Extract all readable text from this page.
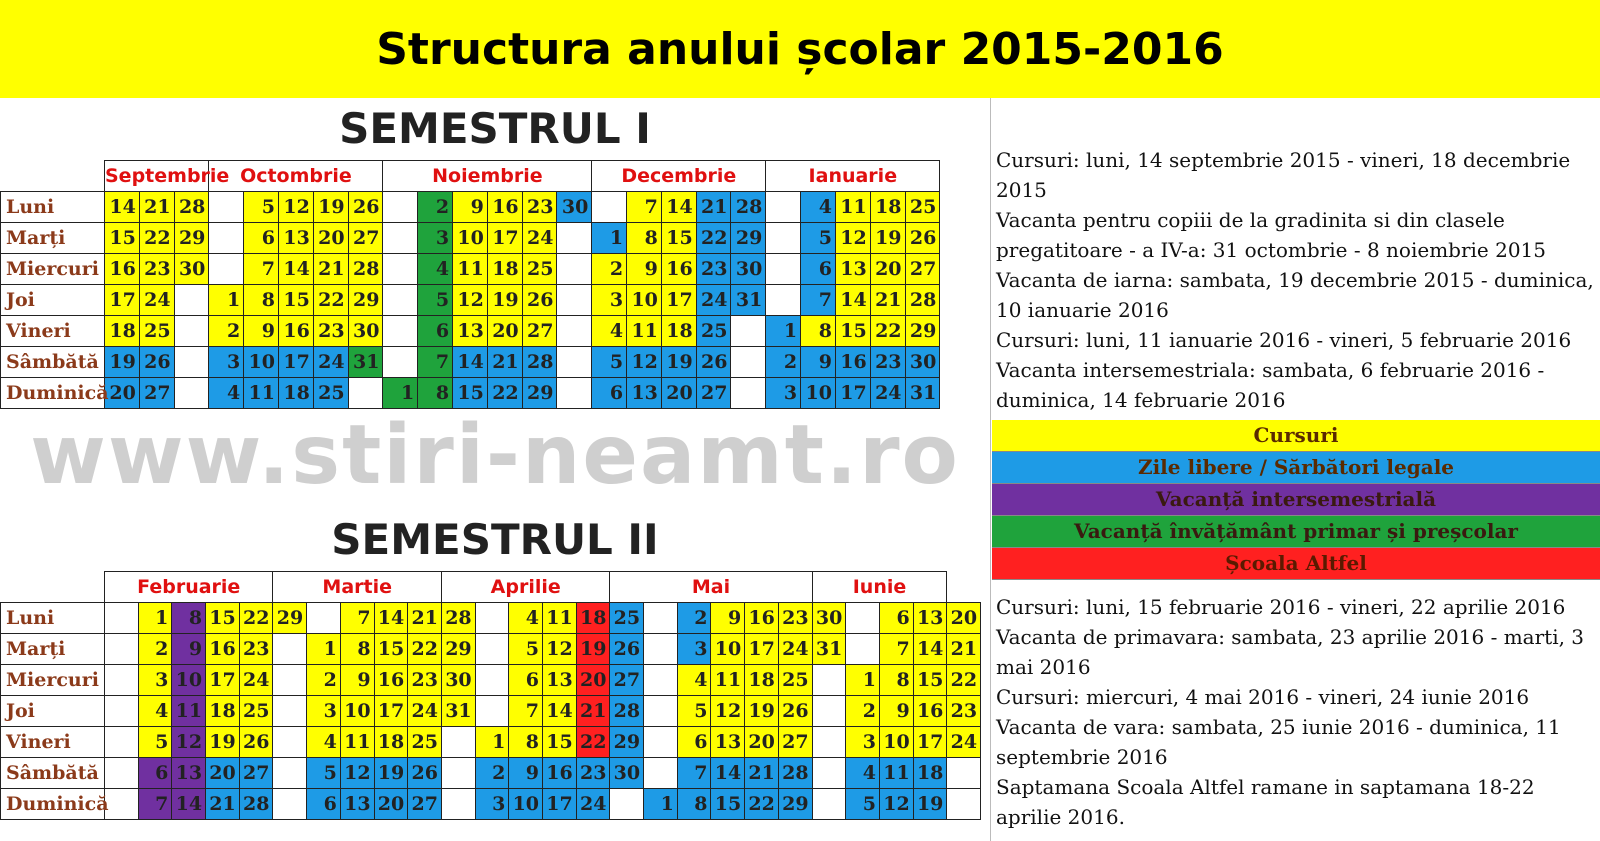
Structura anului școlar 2015-2016
SEMESTRUL I
	Septembrie			Octombrie					Noiembrie						Decembrie					Ianuarie				
Luni	14	21	28		5	12	19	26		2	9	16	23	30		7	14	21	28		4	11	18	25
Marți	15	22	29		6	13	20	27		3	10	17	24		1	8	15	22	29		5	12	19	26
Miercuri	16	23	30		7	14	21	28		4	11	18	25		2	9	16	23	30		6	13	20	27
Joi	17	24		1	8	15	22	29		5	12	19	26		3	10	17	24	31		7	14	21	28
Vineri	18	25		2	9	16	23	30		6	13	20	27		4	11	18	25		1	8	15	22	29
Sâmbătă	19	26		3	10	17	24	31		7	14	21	28		5	12	19	26		2	9	16	23	30
Duminică	20	27		4	11	18	25		1	8	15	22	29		6	13	20	27		3	10	17	24	31
www.stiri-neamt.ro
SEMESTRUL II
	Februarie					Martie					Aprilie					Mai						Iunie				
Luni		1	8	15	22	29		7	14	21	28		4	11	18	25		2	9	16	23	30		6	13	20
Marți		2	9	16	23		1	8	15	22	29		5	12	19	26		3	10	17	24	31		7	14	21
Miercuri		3	10	17	24		2	9	16	23	30		6	13	20	27		4	11	18	25		1	8	15	22
Joi		4	11	18	25		3	10	17	24	31		7	14	21	28		5	12	19	26		2	9	16	23
Vineri		5	12	19	26		4	11	18	25		1	8	15	22	29		6	13	20	27		3	10	17	24
Sâmbătă		6	13	20	27		5	12	19	26		2	9	16	23	30		7	14	21	28		4	11	18	
Duminică		7	14	21	28		6	13	20	27		3	10	17	24		1	8	15	22	29		5	12	19	

Cursuri: luni, 14 septembrie 2015 - vineri, 18 decembrie 2015

Vacanta pentru copiii de la gradinita si din clasele pregatitoare - a IV-a: 31 octombrie - 8 noiembrie 2015

Vacanta de iarna: sambata, 19 decembrie 2015 - duminica, 10 ianuarie 2016

Cursuri: luni, 11 ianuarie 2016 - vineri, 5 februarie 2016

Vacanta intersemestriala: sambata, 6 februarie 2016 - duminica, 14 februarie 2016

Cursuri
Zile libere / Sărbători legale
Vacanță intersemestrială
Vacanță învățământ primar și preșcolar
Școala Altfel

Cursuri: luni, 15 februarie 2016 - vineri, 22 aprilie 2016

Vacanta de primavara: sambata, 23 aprilie 2016 - marti, 3 mai 2016

Cursuri: miercuri, 4 mai 2016 - vineri, 24 iunie 2016

Vacanta de vara: sambata, 25 iunie 2016 - duminica, 11 septembrie 2016

Saptamana Scoala Altfel ramane in saptamana 18-22 aprilie 2016.
